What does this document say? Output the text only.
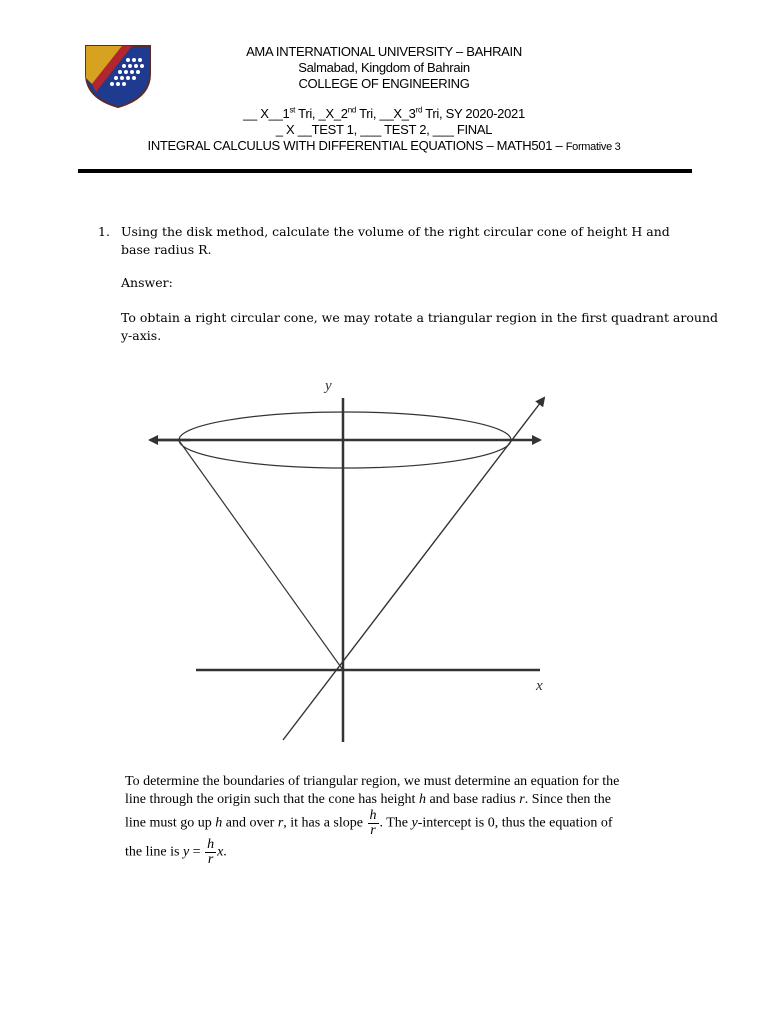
AMA INTERNATIONAL UNIVERSITY – BAHRAIN
Salmabad, Kingdom of Bahrain
COLLEGE OF ENGINEERING
__ X__1st Tri, _X_2nd Tri, __X_3rd Tri, SY 2020-2021
_ X __TEST 1, ___ TEST 2, ___ FINAL
INTEGRAL CALCULUS WITH DIFFERENTIAL EQUATIONS – MATH501 – Formative 3
1. Using the disk method, calculate the volume of the right circular cone of height H and base radius R.
Answer:
To obtain a right circular cone, we may rotate a triangular region in the first quadrant around y-axis.
y
x
To determine the boundaries of triangular region, we must determine an equation for the line through the origin such that the cone has height h and base radius r. Since then the line must go up h and over r, it has a slope $\frac{h}{r}$ . The y-intercept is 0, thus the equation of the line is $y = \frac{h}{r} x$.
